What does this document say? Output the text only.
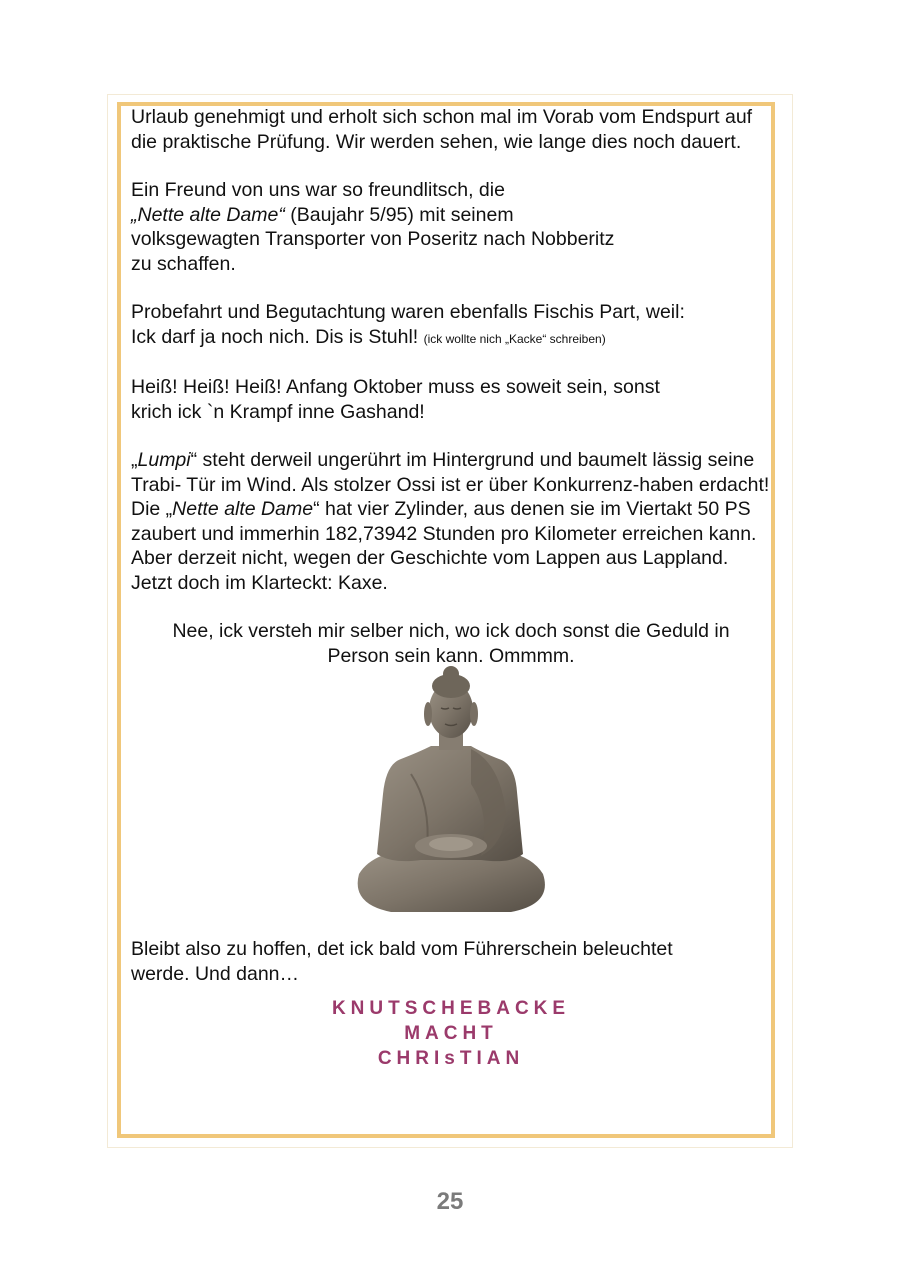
Urlaub genehmigt und erholt sich schon mal im Vorab vom Endspurt auf die praktische Prüfung. Wir werden sehen, wie lange dies noch dauert.

Ein Freund von uns war so freundlitsch, die
„Nette alte Dame“ (Baujahr 5/95) mit seinem
volksgewagten Transporter von Poseritz nach Nobberitz
zu schaffen.

Probefahrt und Begutachtung waren ebenfalls Fischis Part, weil:
Ick darf ja noch nich. Dis is Stuhl! (ick wollte nich „Kacke“ schreiben)

Heiß! Heiß! Heiß! Anfang Oktober muss es soweit sein, sonst
krich ick `n Krampf inne Gashand!

„Lumpi“ steht derweil ungerührt im Hintergrund und baumelt lässig seine Trabi- Tür im Wind. Als stolzer Ossi ist er über Konkurrenz-haben erdacht! Die „Nette alte Dame“ hat vier Zylinder, aus denen sie im Viertakt 50 PS zaubert und immerhin 182,73942 Stunden pro Kilometer erreichen kann. Aber derzeit nicht, wegen der Geschichte vom Lappen aus Lappland. Jetzt doch im Klarteckt: Kaxe.

Nee, ick versteh mir selber nich, wo ick doch sonst die Geduld in
Person sein kann. Ommmm.

Bleibt also zu hoffen, det ick bald vom Führerschein beleuchtet
werde. Und dann…

KNUTSCHEBACKE
MACHT
CHRIsTIAN
25
